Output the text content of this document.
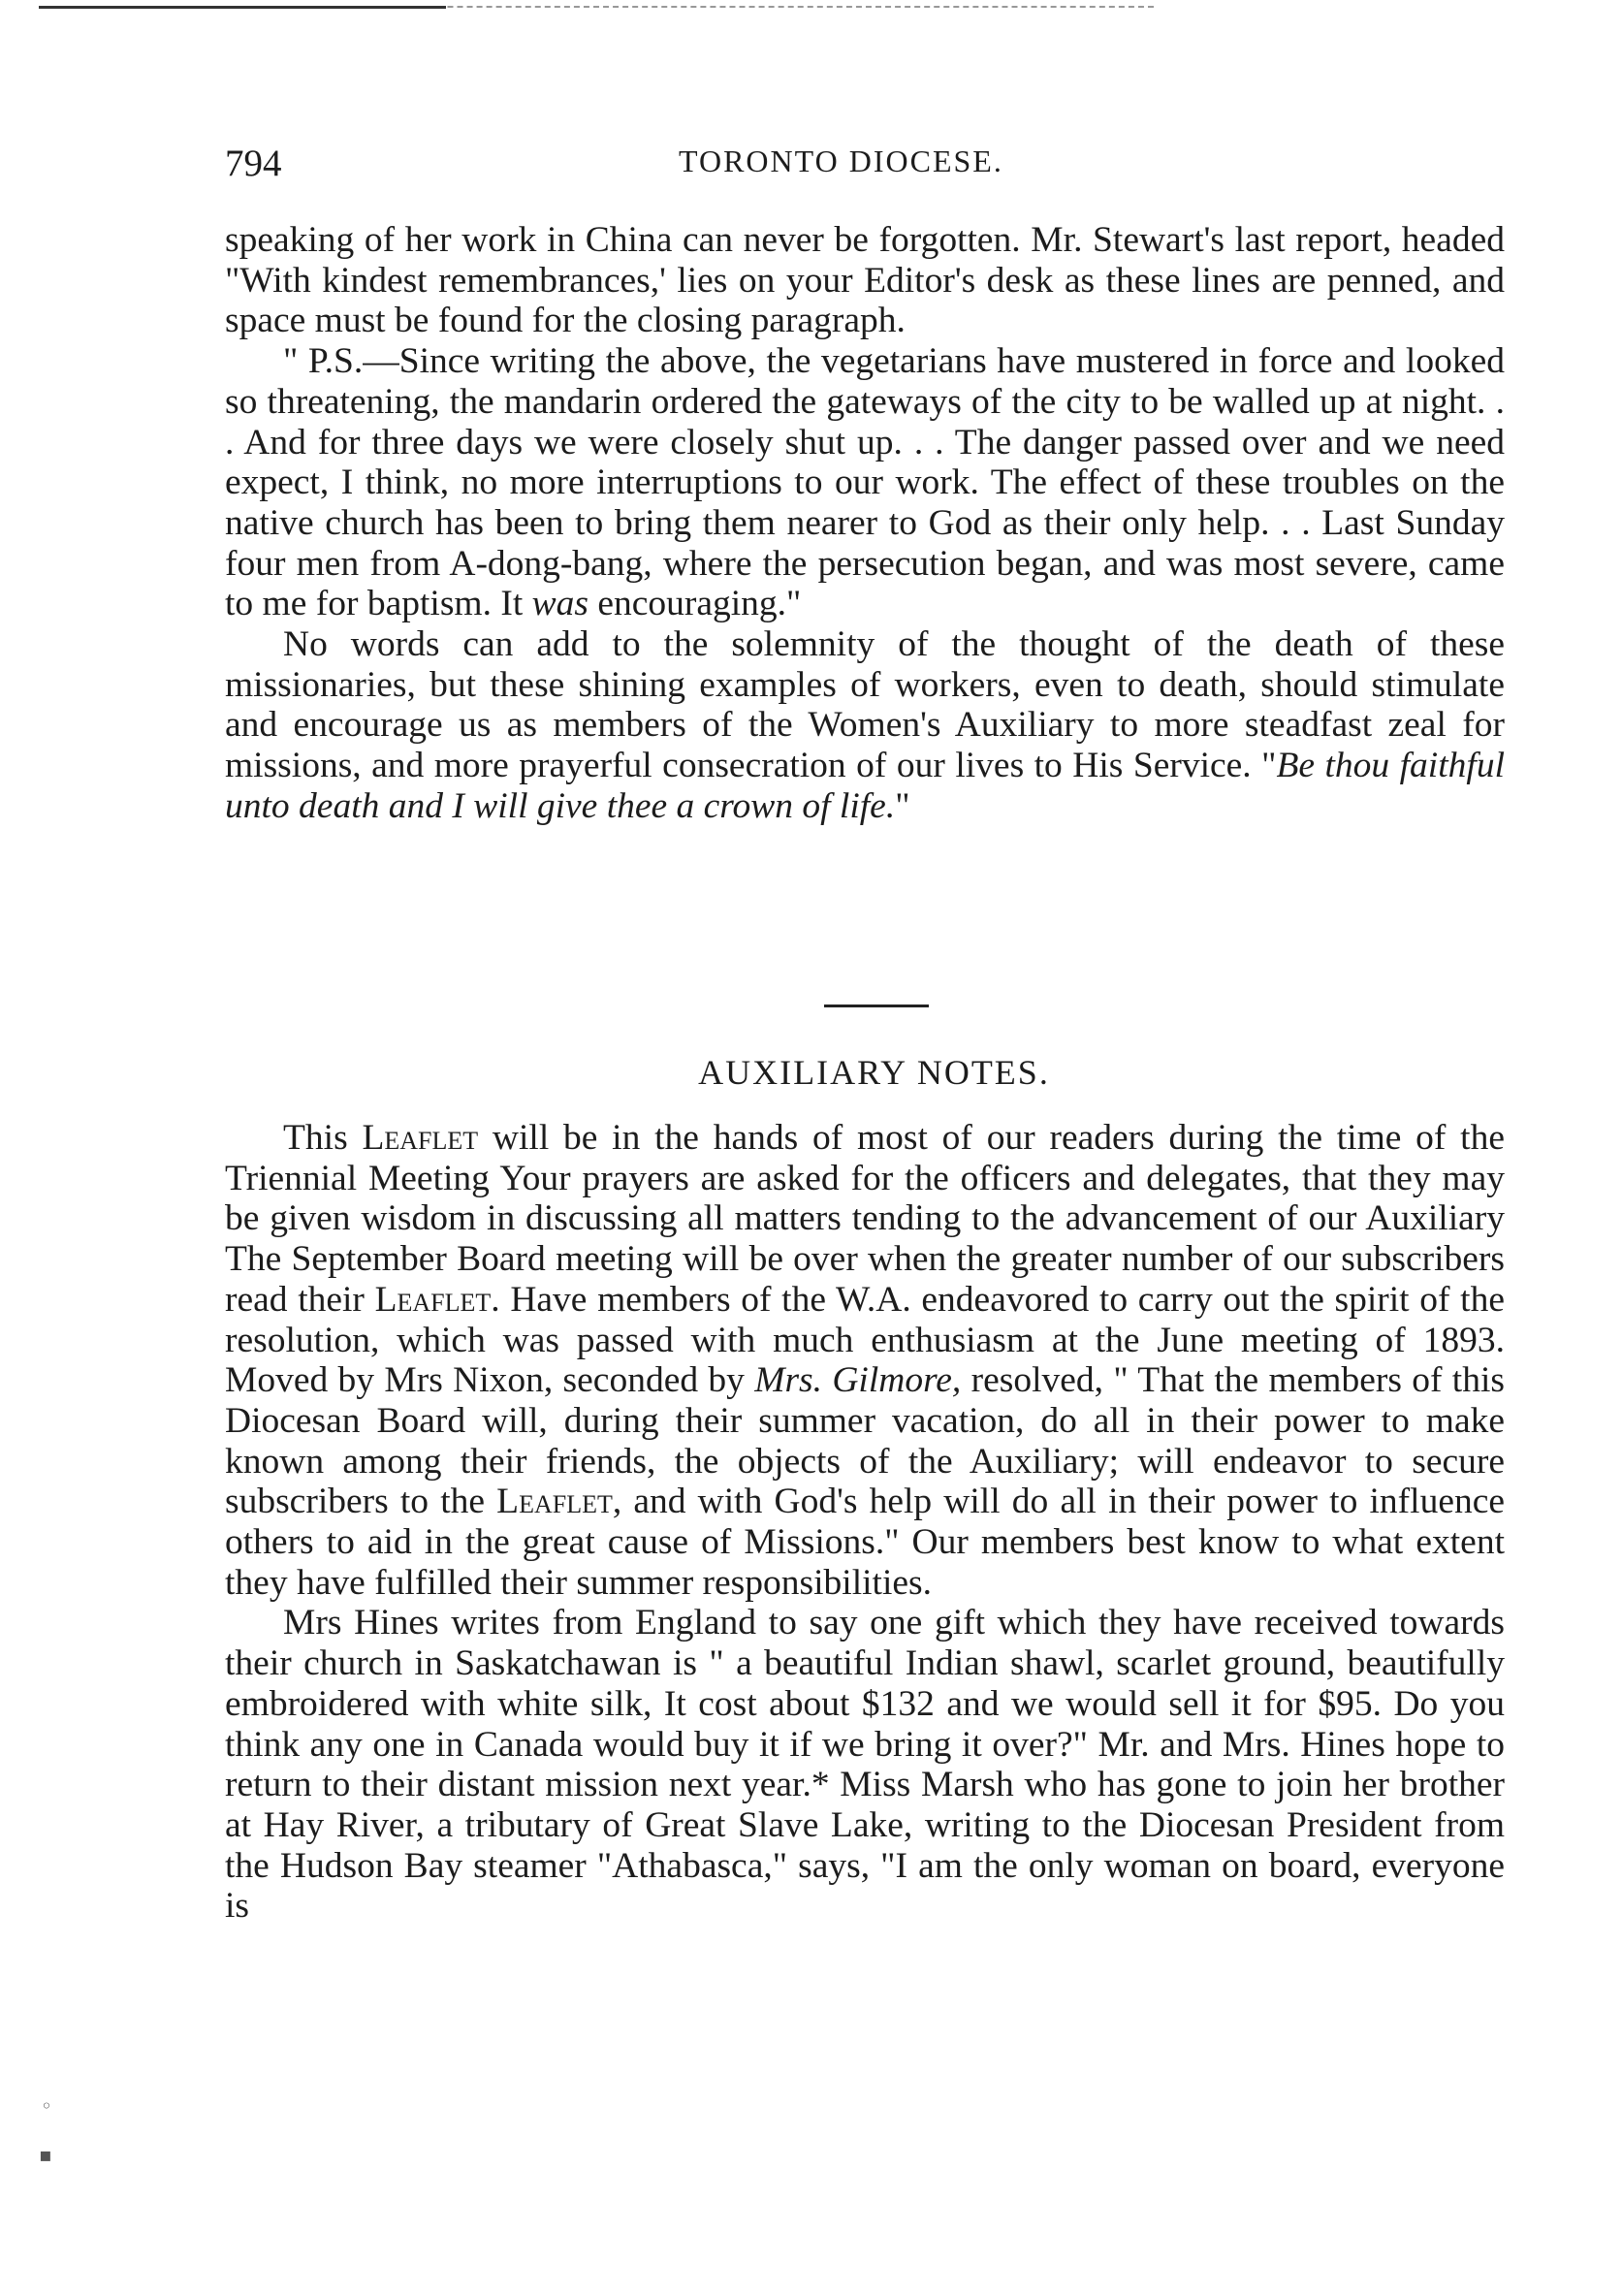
794	TORONTO DIOCESE.

speaking of her work in China can never be forgotten. Mr. Stewart's last report, headed "With kindest remembrances,' lies on your Editor's desk as these lines are penned, and space must be found for the closing paragraph.

" P.S.—Since writing the above, the vegetarians have mustered in force and looked so threatening, the mandarin ordered the gateways of the city to be walled up at night. . . And for three days we were closely shut up. . . The danger passed over and we need expect, I think, no more interruptions to our work. The effect of these troubles on the native church has been to bring them nearer to God as their only help. . . Last Sunday four men from A-dong-bang, where the persecution began, and was most severe, came to me for baptism. It was encouraging."

No words can add to the solemnity of the thought of the death of these missionaries, but these shining examples of workers, even to death, should stimulate and encourage us as members of the Women's Auxiliary to more steadfast zeal for missions, and more prayerful consecration of our lives to His Service. "Be thou faithful unto death and I will give thee a crown of life."

AUXILIARY NOTES.

This Leaflet will be in the hands of most of our readers during the time of the Triennial Meeting Your prayers are asked for the officers and delegates, that they may be given wisdom in discussing all matters tending to the advancement of our Auxiliary The September Board meeting will be over when the greater number of our subscribers read their Leaflet. Have members of the W.A. endeavored to carry out the spirit of the resolution, which was passed with much enthusiasm at the June meeting of 1893. Moved by Mrs Nixon, seconded by Mrs. Gilmore, resolved, " That the members of this Diocesan Board will, during their summer vacation, do all in their power to make known among their friends, the objects of the Auxiliary; will endeavor to secure subscribers to the Leaflet, and with God's help will do all in their power to influence others to aid in the great cause of Missions." Our members best know to what extent they have fulfilled their summer responsibilities.

Mrs Hines writes from England to say one gift which they have received towards their church in Saskatchawan is " a beautiful Indian shawl, scarlet ground, beautifully embroidered with white silk, It cost about $132 and we would sell it for $95. Do you think any one in Canada would buy it if we bring it over?" Mr. and Mrs. Hines hope to return to their distant mission next year.* Miss Marsh who has gone to join her brother at Hay River, a tributary of Great Slave Lake, writing to the Diocesan President from the Hudson Bay steamer "Athabasca," says, "I am the only woman on board, everyone is

◦
▪
